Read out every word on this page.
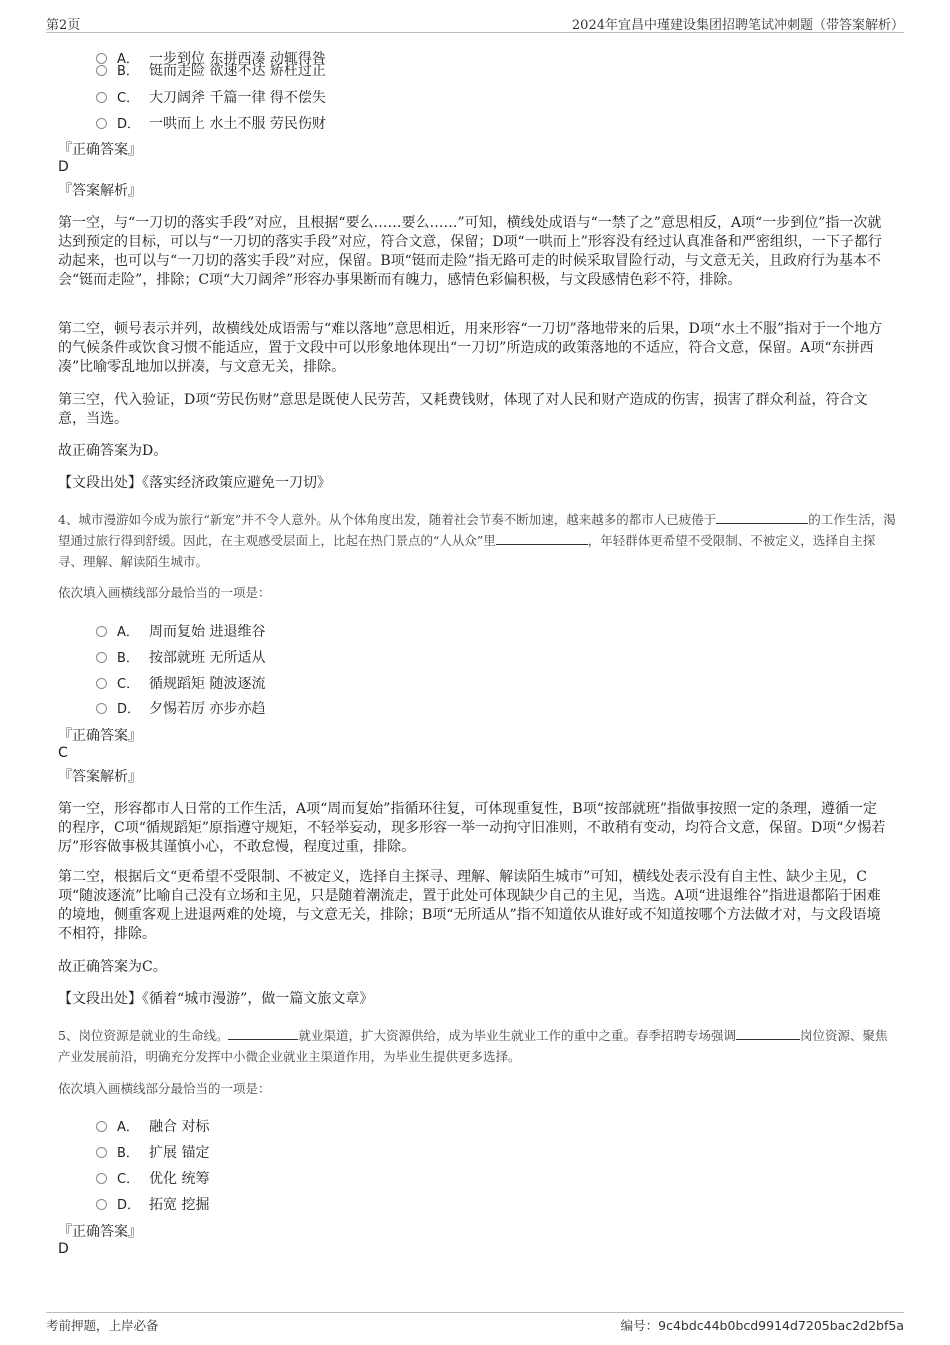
第2页	2024年宜昌中瑾建设集团招聘笔试冲刺题（带答案解析）
A． 一步到位 东拼西凑 动辄得咎
B． 铤而走险 欲速不达 矫枉过正
C． 大刀阔斧 千篇一律 得不偿失
D． 一哄而上 水土不服 劳民伤财
『正确答案』
D
『答案解析』
第一空，与“一刀切的落实手段”对应，且根据“要么……要么……”可知，横线处成语与“一禁了之”意思相反，A项“一步到位”指一次就达到预定的目标，可以与“一刀切的落实手段”对应，符合文意，保留；D项“一哄而上”形容没有经过认真准备和严密组织，一下子都行动起来，也可以与“一刀切的落实手段”对应，保留。B项“铤而走险”指无路可走的时候采取冒险行动，与文意无关，且政府行为基本不会“铤而走险”，排除；C项“大刀阔斧”形容办事果断而有魄力，感情色彩偏积极，与文段感情色彩不符，排除。
第二空，顿号表示并列，故横线处成语需与“难以落地”意思相近，用来形容“一刀切”落地带来的后果，D项“水土不服”指对于一个地方的气候条件或饮食习惯不能适应，置于文段中可以形象地体现出“一刀切”所造成的政策落地的不适应，符合文意，保留。A项“东拼西凑”比喻零乱地加以拼凑，与文意无关，排除。
第三空，代入验证，D项“劳民伤财”意思是既使人民劳苦，又耗费钱财，体现了对人民和财产造成的伤害，损害了群众利益，符合文意，当选。
故正确答案为D。
【文段出处】《落实经济政策应避免一刀切》
4、城市漫游如今成为旅行“新宠”并不令人意外。从个体角度出发，随着社会节奏不断加速，越来越多的都市人已疲倦于	的工作生活，渴望通过旅行得到舒缓。因此，在主观感受层面上，比起在热门景点的“人从众”里	，年轻群体更希望不受限制、不被定义，选择自主探寻、理解、解读陌生城市。
依次填入画横线部分最恰当的一项是：
A． 周而复始 进退维谷
B． 按部就班 无所适从
C． 循规蹈矩 随波逐流
D． 夕惕若厉 亦步亦趋
『正确答案』
C
『答案解析』
第一空，形容都市人日常的工作生活，A项“周而复始”指循环往复，可体现重复性，B项“按部就班”指做事按照一定的条理，遵循一定的程序，C项“循规蹈矩”原指遵守规矩，不轻举妄动，现多形容一举一动拘守旧准则，不敢稍有变动，均符合文意，保留。D项“夕惕若厉”形容做事极其谨慎小心，不敢怠慢，程度过重，排除。
第二空，根据后文“更希望不受限制、不被定义，选择自主探寻、理解、解读陌生城市”可知，横线处表示没有自主性、缺少主见，C项“随波逐流”比喻自己没有立场和主见，只是随着潮流走，置于此处可体现缺少自己的主见，当选。A项“进退维谷”指进退都陷于困难的境地，侧重客观上进退两难的处境，与文意无关，排除；B项“无所适从”指不知道依从谁好或不知道按哪个方法做才对，与文段语境不相符，排除。
故正确答案为C。
【文段出处】《循着“城市漫游”，做一篇文旅文章》
5、岗位资源是就业的生命线。	就业渠道，扩大资源供给，成为毕业生就业工作的重中之重。春季招聘专场强调	岗位资源、聚焦产业发展前沿，明确充分发挥中小微企业就业主渠道作用，为毕业生提供更多选择。
依次填入画横线部分最恰当的一项是：
A． 融合 对标
B． 扩展 锚定
C． 优化 统筹
D． 拓宽 挖掘
『正确答案』
D
考前押题，上岸必备	编号：9c4bdc44b0bcd9914d7205bac2d2bf5a
